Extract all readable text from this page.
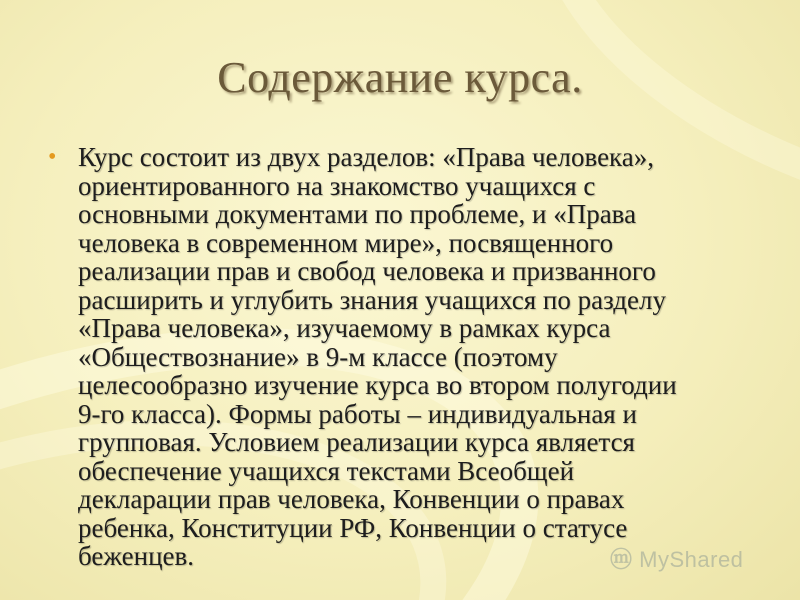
Содержание курса.
• Курс состоит из двух разделов: «Права человека»,
ориентированного на знакомство учащихся с
основными документами по проблеме, и «Права
человека в современном мире», посвященного
реализации прав и свобод человека и призванного
расширить и углубить знания учащихся по разделу
«Права человека», изучаемому в рамках курса
«Обществознание» в 9-м классе (поэтому
целесообразно изучение курса во втором полугодии
9-го класса). Формы работы – индивидуальная и
групповая. Условием реализации курса является
обеспечение учащихся текстами Всеобщей
декларации прав человека, Конвенции о правах
ребенка, Конституции РФ, Конвенции о статусе
беженцев.	ⓜ MyShared
